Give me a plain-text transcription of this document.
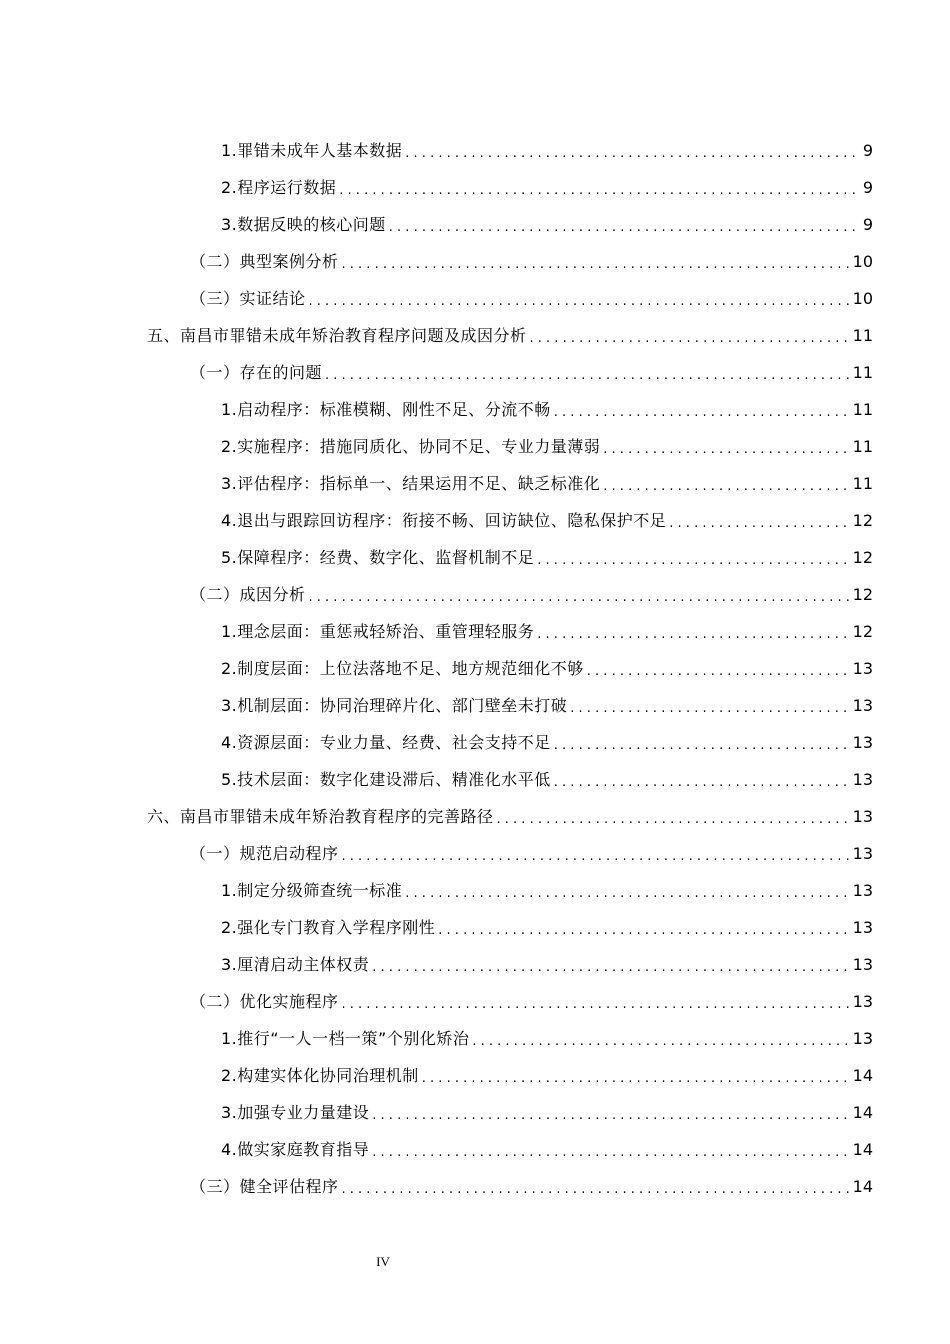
1.罪错未成年人基本数据 . . .	9
2.程序运行数据 . . .	9
3.数据反映的核心问题 . . .	9
（二）典型案例分析 . . .	10
（三）实证结论 . . .	10
五、南昌市罪错未成年矫治教育程序问题及成因分析 . . .	11
（一）存在的问题 . . .	11
1.启动程序：标准模糊、刚性不足、分流不畅 . . .	11
2.实施程序：措施同质化、协同不足、专业力量薄弱 . . .	11
3.评估程序：指标单一、结果运用不足、缺乏标准化 . . .	11
4.退出与跟踪回访程序：衔接不畅、回访缺位、隐私保护不足 . . .	12
5.保障程序：经费、数字化、监督机制不足 . . .	12
（二）成因分析 . . .	12
1.理念层面：重惩戒轻矫治、重管理轻服务 . . .	12
2.制度层面：上位法落地不足、地方规范细化不够 . . .	13
3.机制层面：协同治理碎片化、部门壁垒未打破 . . .	13
4.资源层面：专业力量、经费、社会支持不足 . . .	13
5.技术层面：数字化建设滞后、精准化水平低 . . .	13
六、南昌市罪错未成年矫治教育程序的完善路径 . . .	13
（一）规范启动程序 . . .	13
1.制定分级筛查统一标准 . . .	13
2.强化专门教育入学程序刚性 . . .	13
3.厘清启动主体权责 . . .	13
（二）优化实施程序 . . .	13
1.推行“一人一档一策”个别化矫治 . . .	13
2.构建实体化协同治理机制 . . .	14
3.加强专业力量建设 . . .	14
4.做实家庭教育指导 . . .	14
（三）健全评估程序 . . .	14
IV
